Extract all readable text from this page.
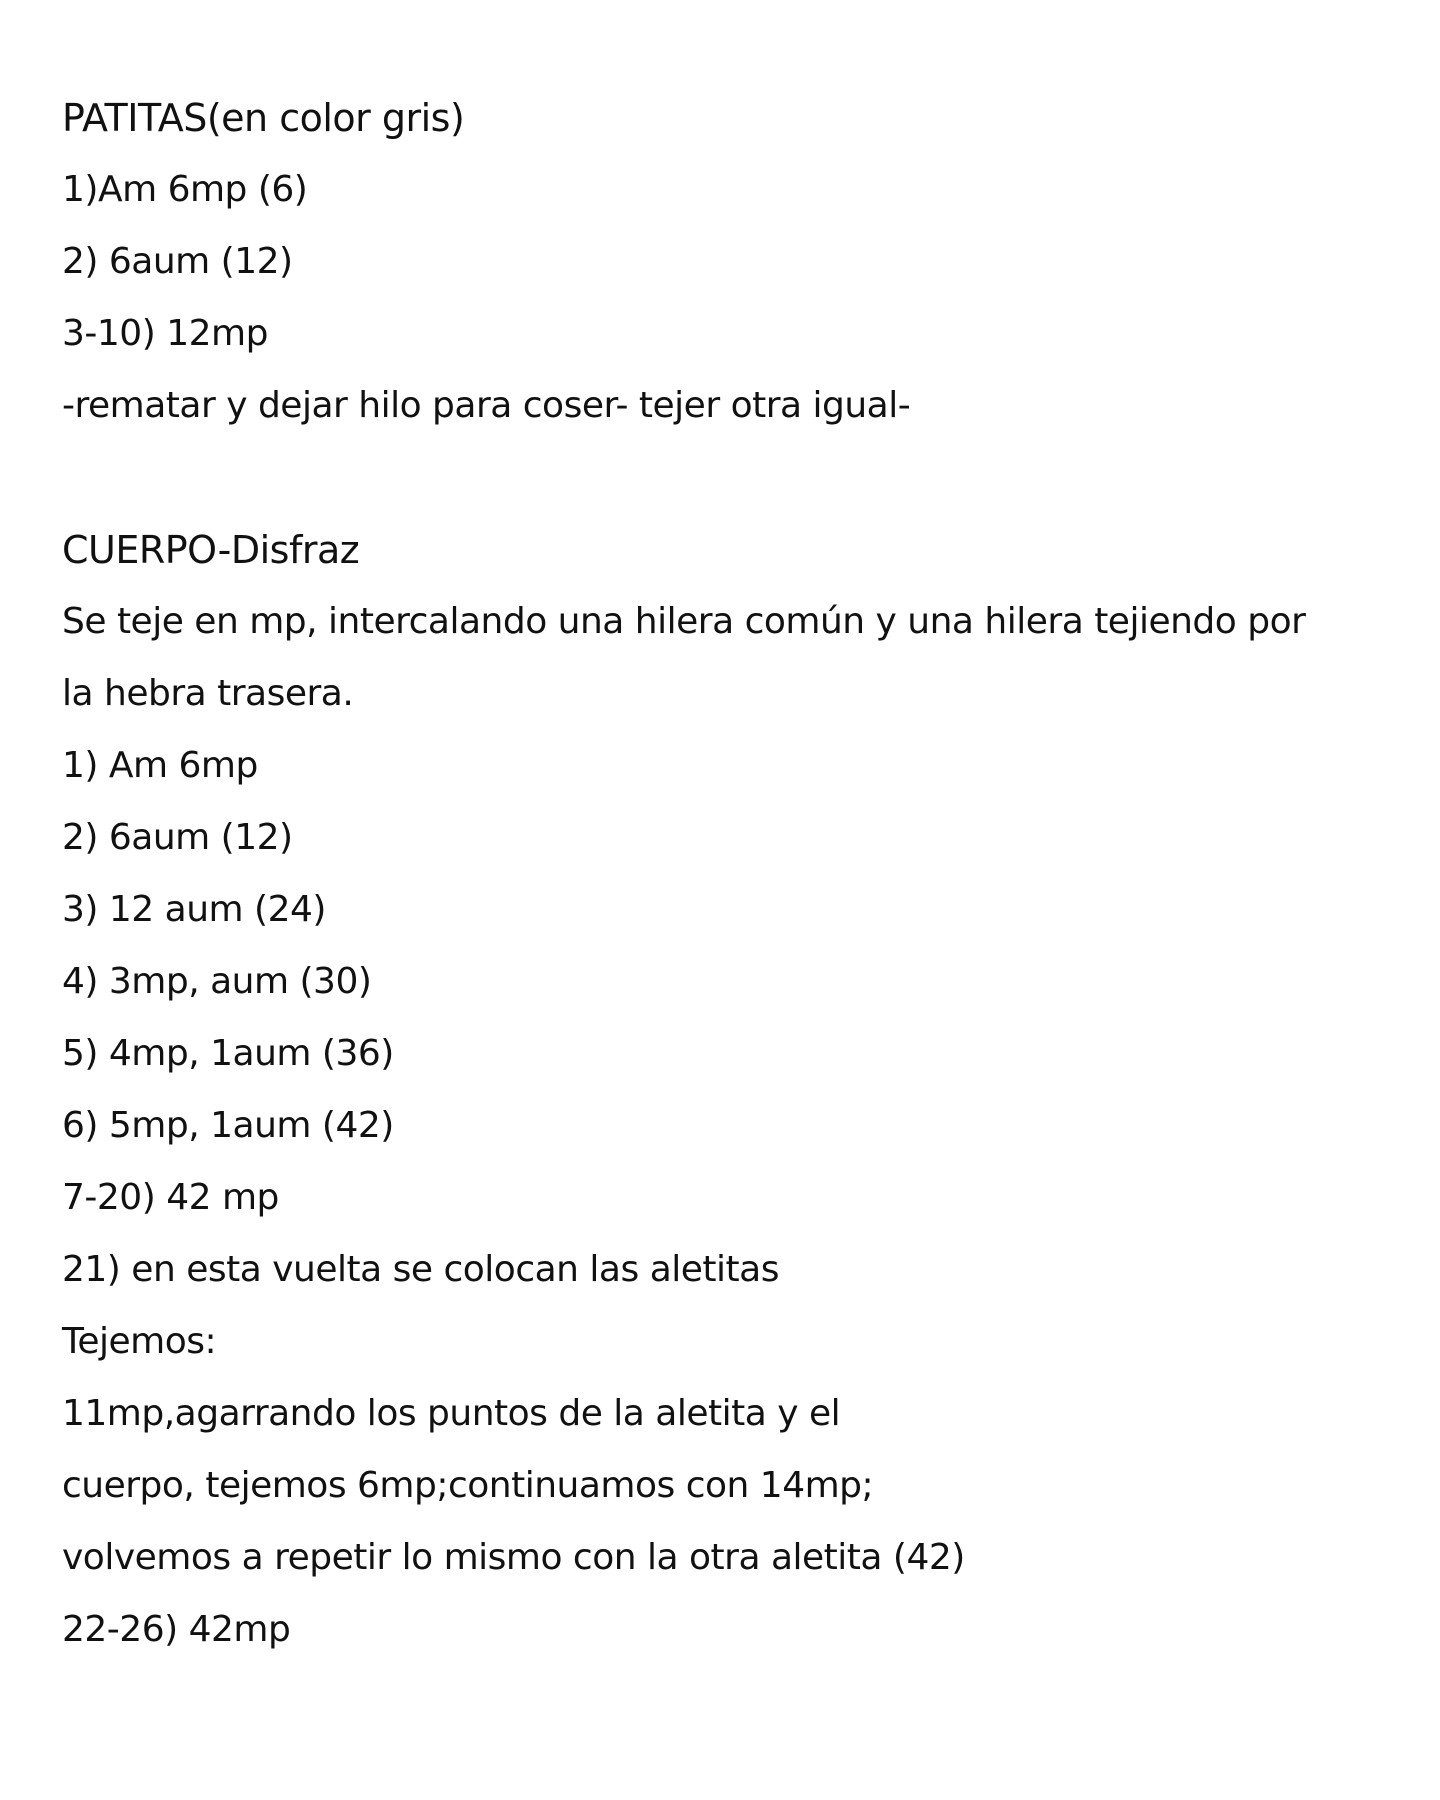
PATITAS(en color gris)
1)Am 6mp (6)
2) 6aum (12)
3-10) 12mp
-rematar y dejar hilo para coser- tejer otra igual-
CUERPO-Disfraz
Se teje en mp, intercalando una hilera común y una hilera tejiendo por
la hebra trasera.
1) Am 6mp
2) 6aum (12)
3) 12 aum (24)
4) 3mp, aum (30)
5) 4mp, 1aum (36)
6) 5mp, 1aum (42)
7-20) 42 mp
21) en esta vuelta se colocan las aletitas
Tejemos:
11mp,agarrando los puntos de la aletita y el
cuerpo, tejemos 6mp;continuamos con 14mp;
volvemos a repetir lo mismo con la otra aletita (42)
22-26) 42mp
